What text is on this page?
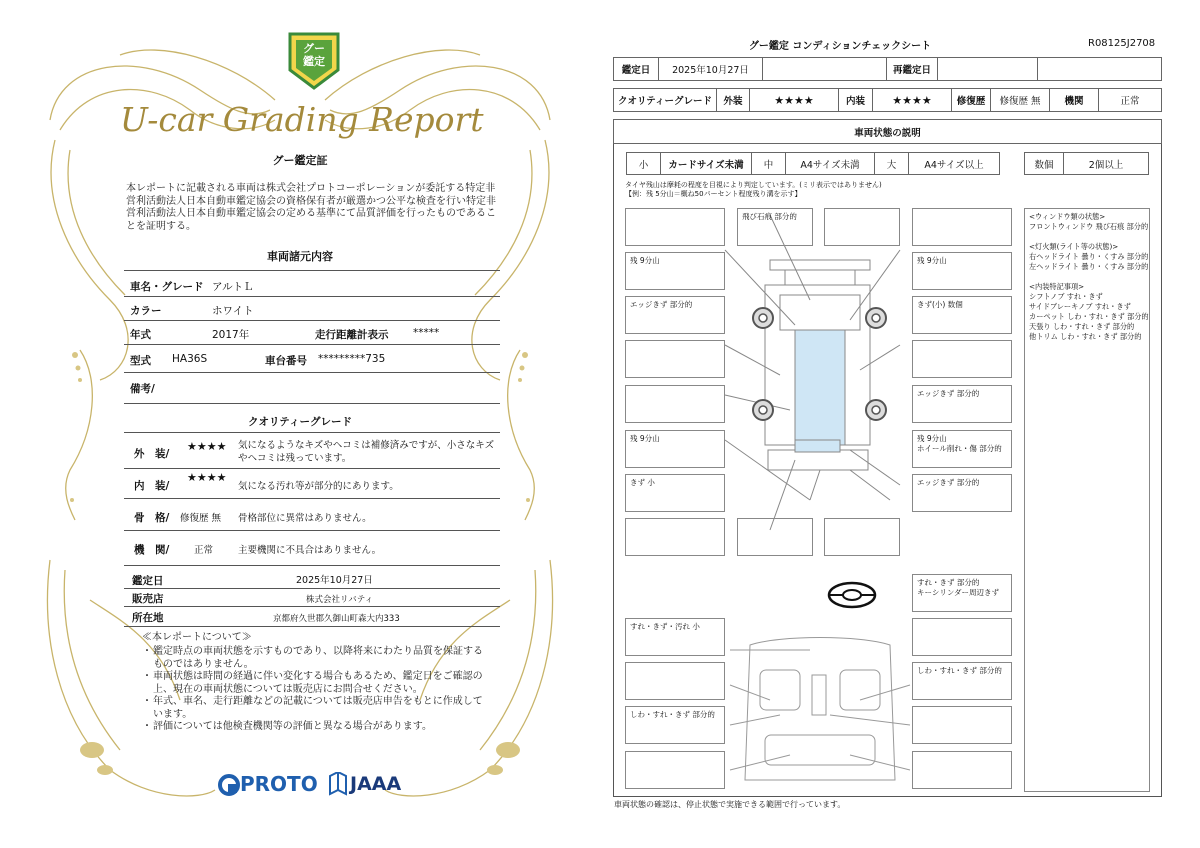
グー
鑑定
U-car Grading Report
グー鑑定証
本レポートに記載される車両は株式会社プロトコーポレーションが委託する特定非営利活動法人日本自動車鑑定協会の資格保有者が厳選かつ公平な検査を行い特定非営利活動法人日本自動車鑑定協会の定める基準にて品質評価を行ったものであることを証明する。
車両諸元内容
車名・グレード アルトＬ
カラー	ホワイト
年式	2017年	走行距離計表示 *****
型式 HA36S	車台番号 *********735
備考/
クオリティーグレード
外　装/
★★★★ 気になるようなキズやヘコミは補修済みですが、小さなキズやヘコミは残っています。
内　装/
★★★★
気になる汚れ等が部分的にあります。
骨　格/ 修復歴 無 骨格部位に異常はありません。
機　関/	正常	主要機関に不具合はありません。
鑑定日	2025年10月27日
販売店	株式会社リバティ
所在地	京都府久世郡久御山町森大内333
≪本レポートについて≫
・ 鑑定時点の車両状態を示すものであり、以降将来にわたり品質を保証するものではありません。
・ 車両状態は時間の経過に伴い変化する場合もあるため、鑑定日をご確認の上、現在の車両状態については販売店にお問合せください。
・ 年式、車名、走行距離などの記載については販売店申告をもとに作成しています。
・ 評価については他検査機関等の評価と異なる場合があります。
PROTO JAAA
グー鑑定 コンディションチェックシート	R08125J2708
鑑定日	2025年10月27日	再鑑定日
クオリティーグレード	外装	★★★★	内装	★★★★	修復歴	修復歴 無	機関	正常
車両状態の説明
小	カードサイズ未満	中	A4サイズ未満	大	A4サイズ以上	数個	2個以上
タイヤ残山は摩耗の程度を目視により判定しています。(ミリ表示ではありません)
【例：残 5分山＝概ね50パーセント程度残り溝を示す】
飛び石痕 部分的
残 9分山
エッジきず 部分的
残 9分山
きず 小
残 9分山
きず(小) 数個
エッジきず 部分的
残 9分山
ホイール削れ・傷 部分的
エッジきず 部分的
<ウィンドウ類の状態>
フロントウィンドウ 飛び石痕 部分的

<灯火類(ライト等の状態)>
右ヘッドライト 曇り・くすみ 部分的
左ヘッドライト 曇り・くすみ 部分的

<内装特記事項>
シフトノブ すれ・きず
サイドブレーキノブ すれ・きず
カーペット しわ・すれ・きず 部分的
天張り しわ・すれ・きず 部分的
他トリム しわ・すれ・きず 部分的
すれ・きず 部分的
キーシリンダー周辺きず
すれ・きず・汚れ 小
しわ・すれ・きず 部分的
しわ・すれ・きず 部分的
車両状態の確認は、停止状態で実施できる範囲で行っています。
